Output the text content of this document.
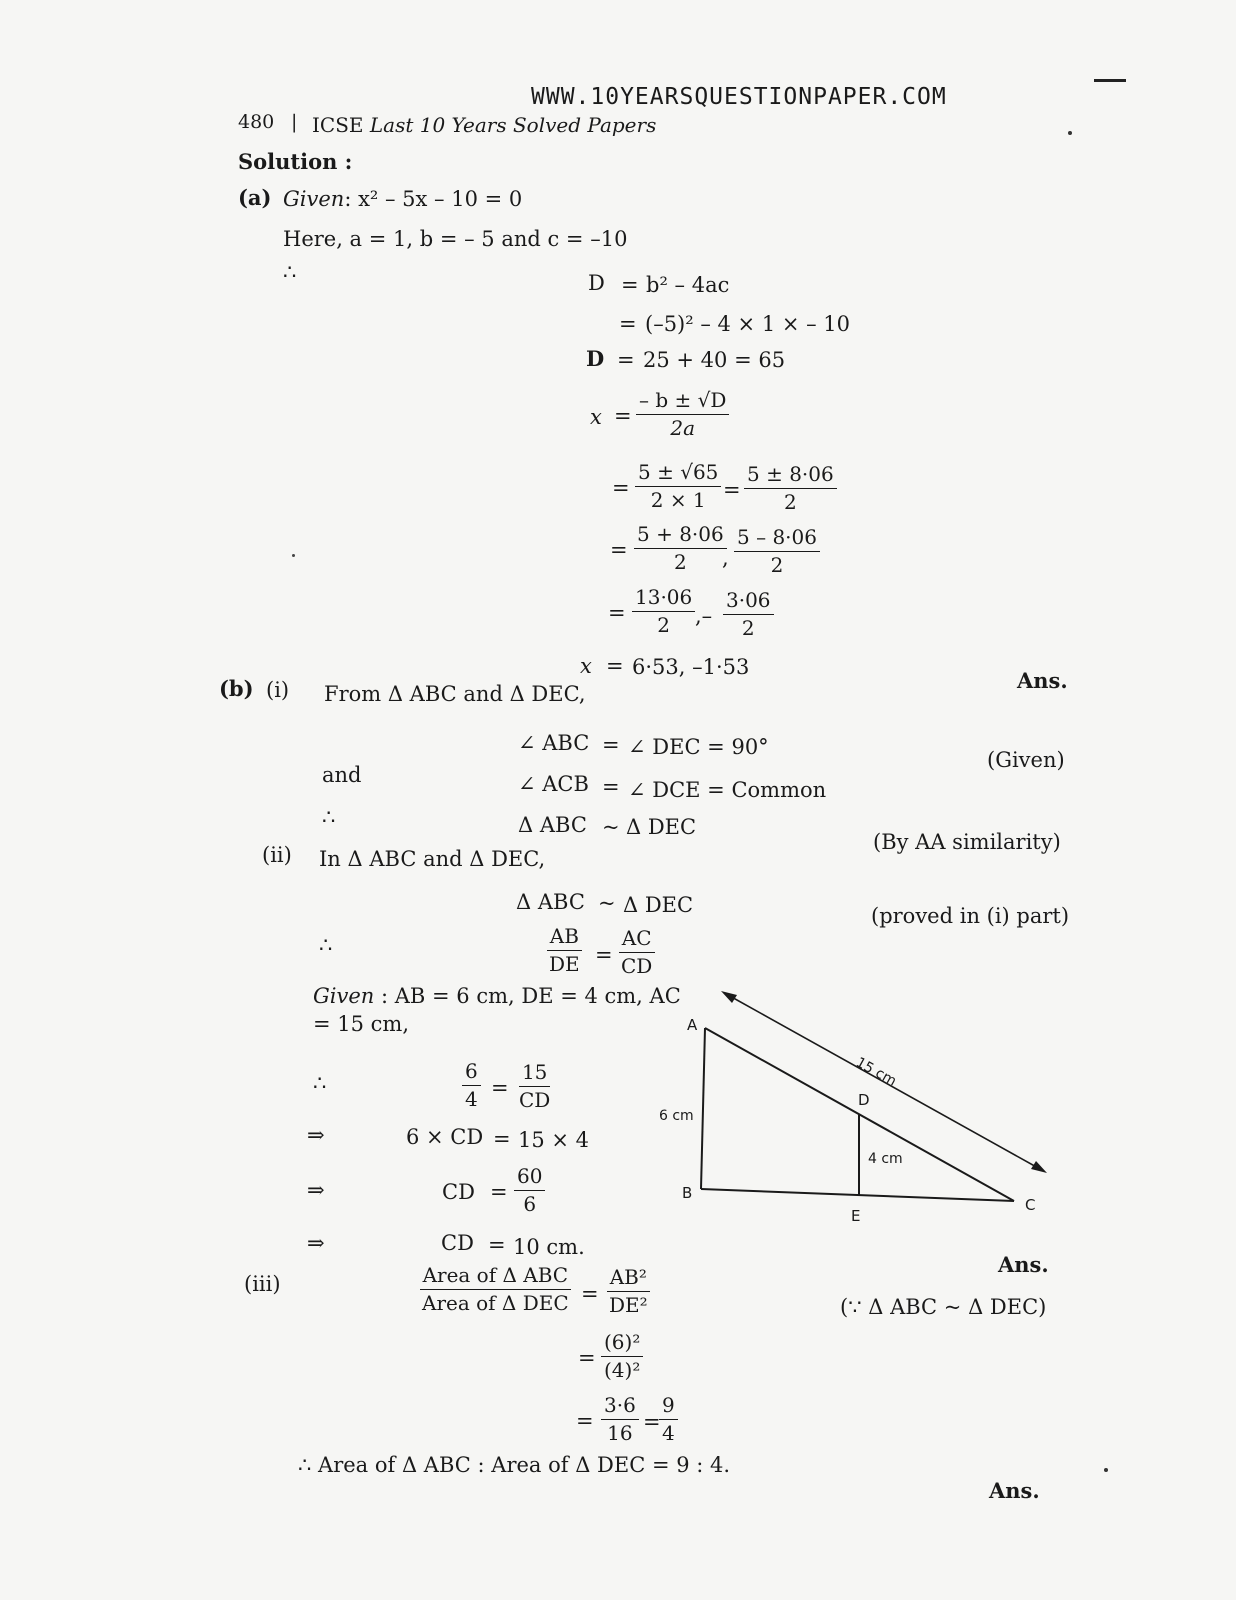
WWW.10YEARSQUESTIONPAPER.COM
480 | ICSE Last 10 Years Solved Papers
Solution :
(a) Given: x² – 5x – 10 = 0
Here, a = 1, b = – 5 and c = –10
∴	D = b² – 4ac
= (–5)² – 4 × 1 × – 10
D = 25 + 40 = 65
$x = \frac{- b \pm √D}{2a}$
= $\frac{5 \pm √65}{2 \times 1} = \frac{5 \pm 8\cdot 06}{2}$
= $\frac{5 + 8\cdot 06}{2}$
, $\frac{5 - 8\cdot 06}{2}$
= $\frac{13\cdot 06}{2}$ ,– $\frac{3\cdot 06}{2}$
x = 6·53, –1·53
Ans.
(b) (i) From Δ ABC and Δ DEC,
∠ ABC = ∠ DEC = 90°
(Given)
and	∠ ACB = ∠ DCE = Common
∴	Δ ABC ~ Δ DEC
(By AA similarity)
(ii) In Δ ABC and Δ DEC,
Δ ABC ~ Δ DEC	(proved in (i) part)
∴	$\frac{AB}{DE} = \frac{AC}{CD}$
Given : AB = 6 cm, DE = 4 cm, AC
= 15 cm,
∴	$\frac{6}{4} = \frac{15}{CD}$
⇒	6 × CD = 15 × 4
⇒	CD = $\frac{60}{6}$
⇒	CD = 10 cm.
Ans.
A
B
C
D
E
6 cm
4 cm
15 cm
(iii)	Area of Δ ABC
Area of Δ DEC = $\frac{\text{AB²}}{\text{DE²}}$	(∵ Δ ABC ~ Δ DEC)
= $\frac{\text{(6)²}}{\text{(4)²}}$
= $\frac{3\cdot 6}{16}$ =
$\frac{9}{4}$
∴ Area of Δ ABC : Area of Δ DEC = 9 : 4.
Ans.
